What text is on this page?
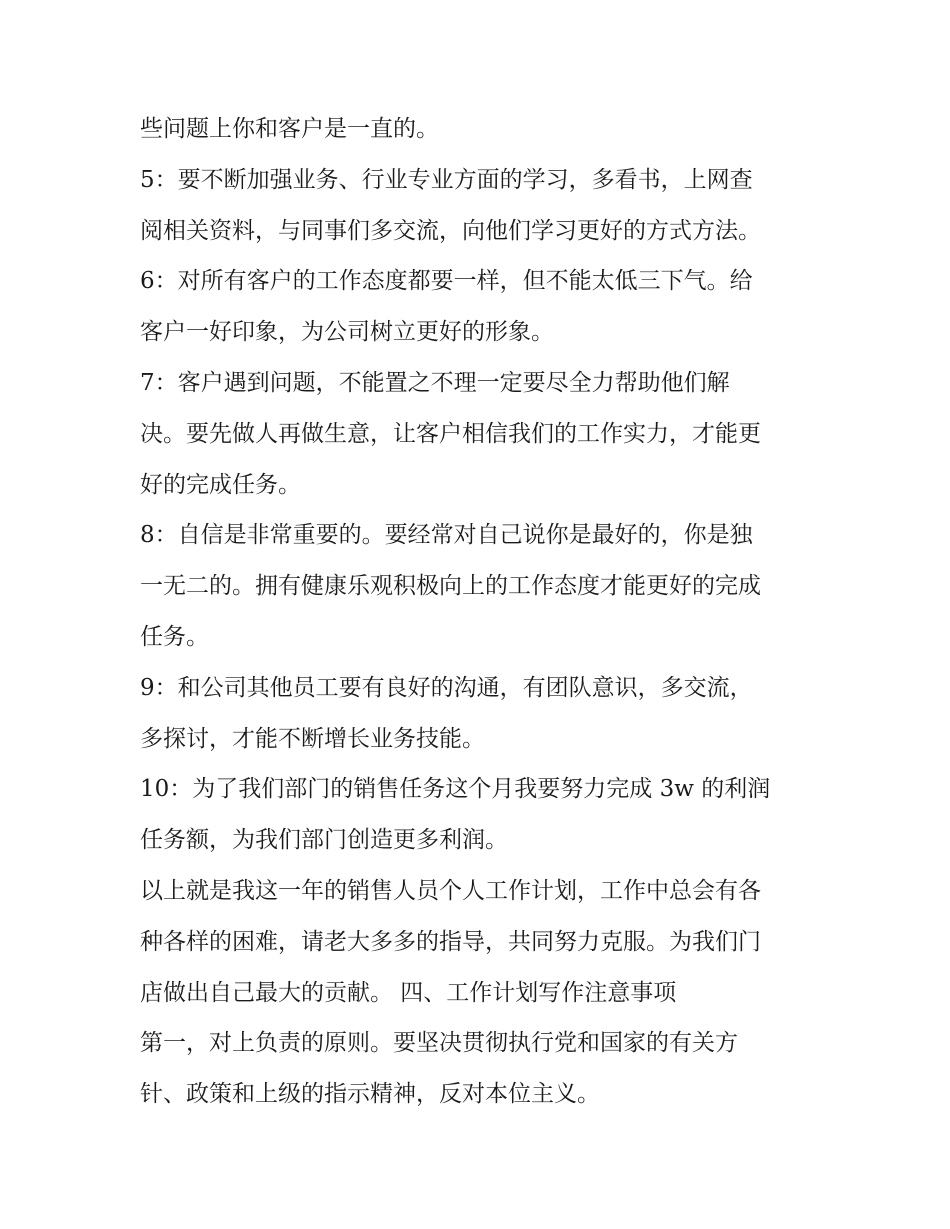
些问题上你和客户是一直的。
5：要不断加强业务、行业专业方面的学习，多看书，上网查
阅相关资料，与同事们多交流，向他们学习更好的方式方法。
6：对所有客户的工作态度都要一样，但不能太低三下气。给
客户一好印象，为公司树立更好的形象。
7：客户遇到问题，不能置之不理一定要尽全力帮助他们解
决。要先做人再做生意，让客户相信我们的工作实力，才能更
好的完成任务。
8：自信是非常重要的。要经常对自己说你是最好的，你是独
一无二的。拥有健康乐观积极向上的工作态度才能更好的完成
任务。
9：和公司其他员工要有良好的沟通，有团队意识，多交流，
多探讨，才能不断增长业务技能。
10：为了我们部门的销售任务这个月我要努力完成 3w 的利润
任务额，为我们部门创造更多利润。
以上就是我这一年的销售人员个人工作计划，工作中总会有各
种各样的困难，请老大多多的指导，共同努力克服。为我们门
店做出自己最大的贡献。 四、工作计划写作注意事项
第一，对上负责的原则。要坚决贯彻执行党和国家的有关方
针、政策和上级的指示精神，反对本位主义。
